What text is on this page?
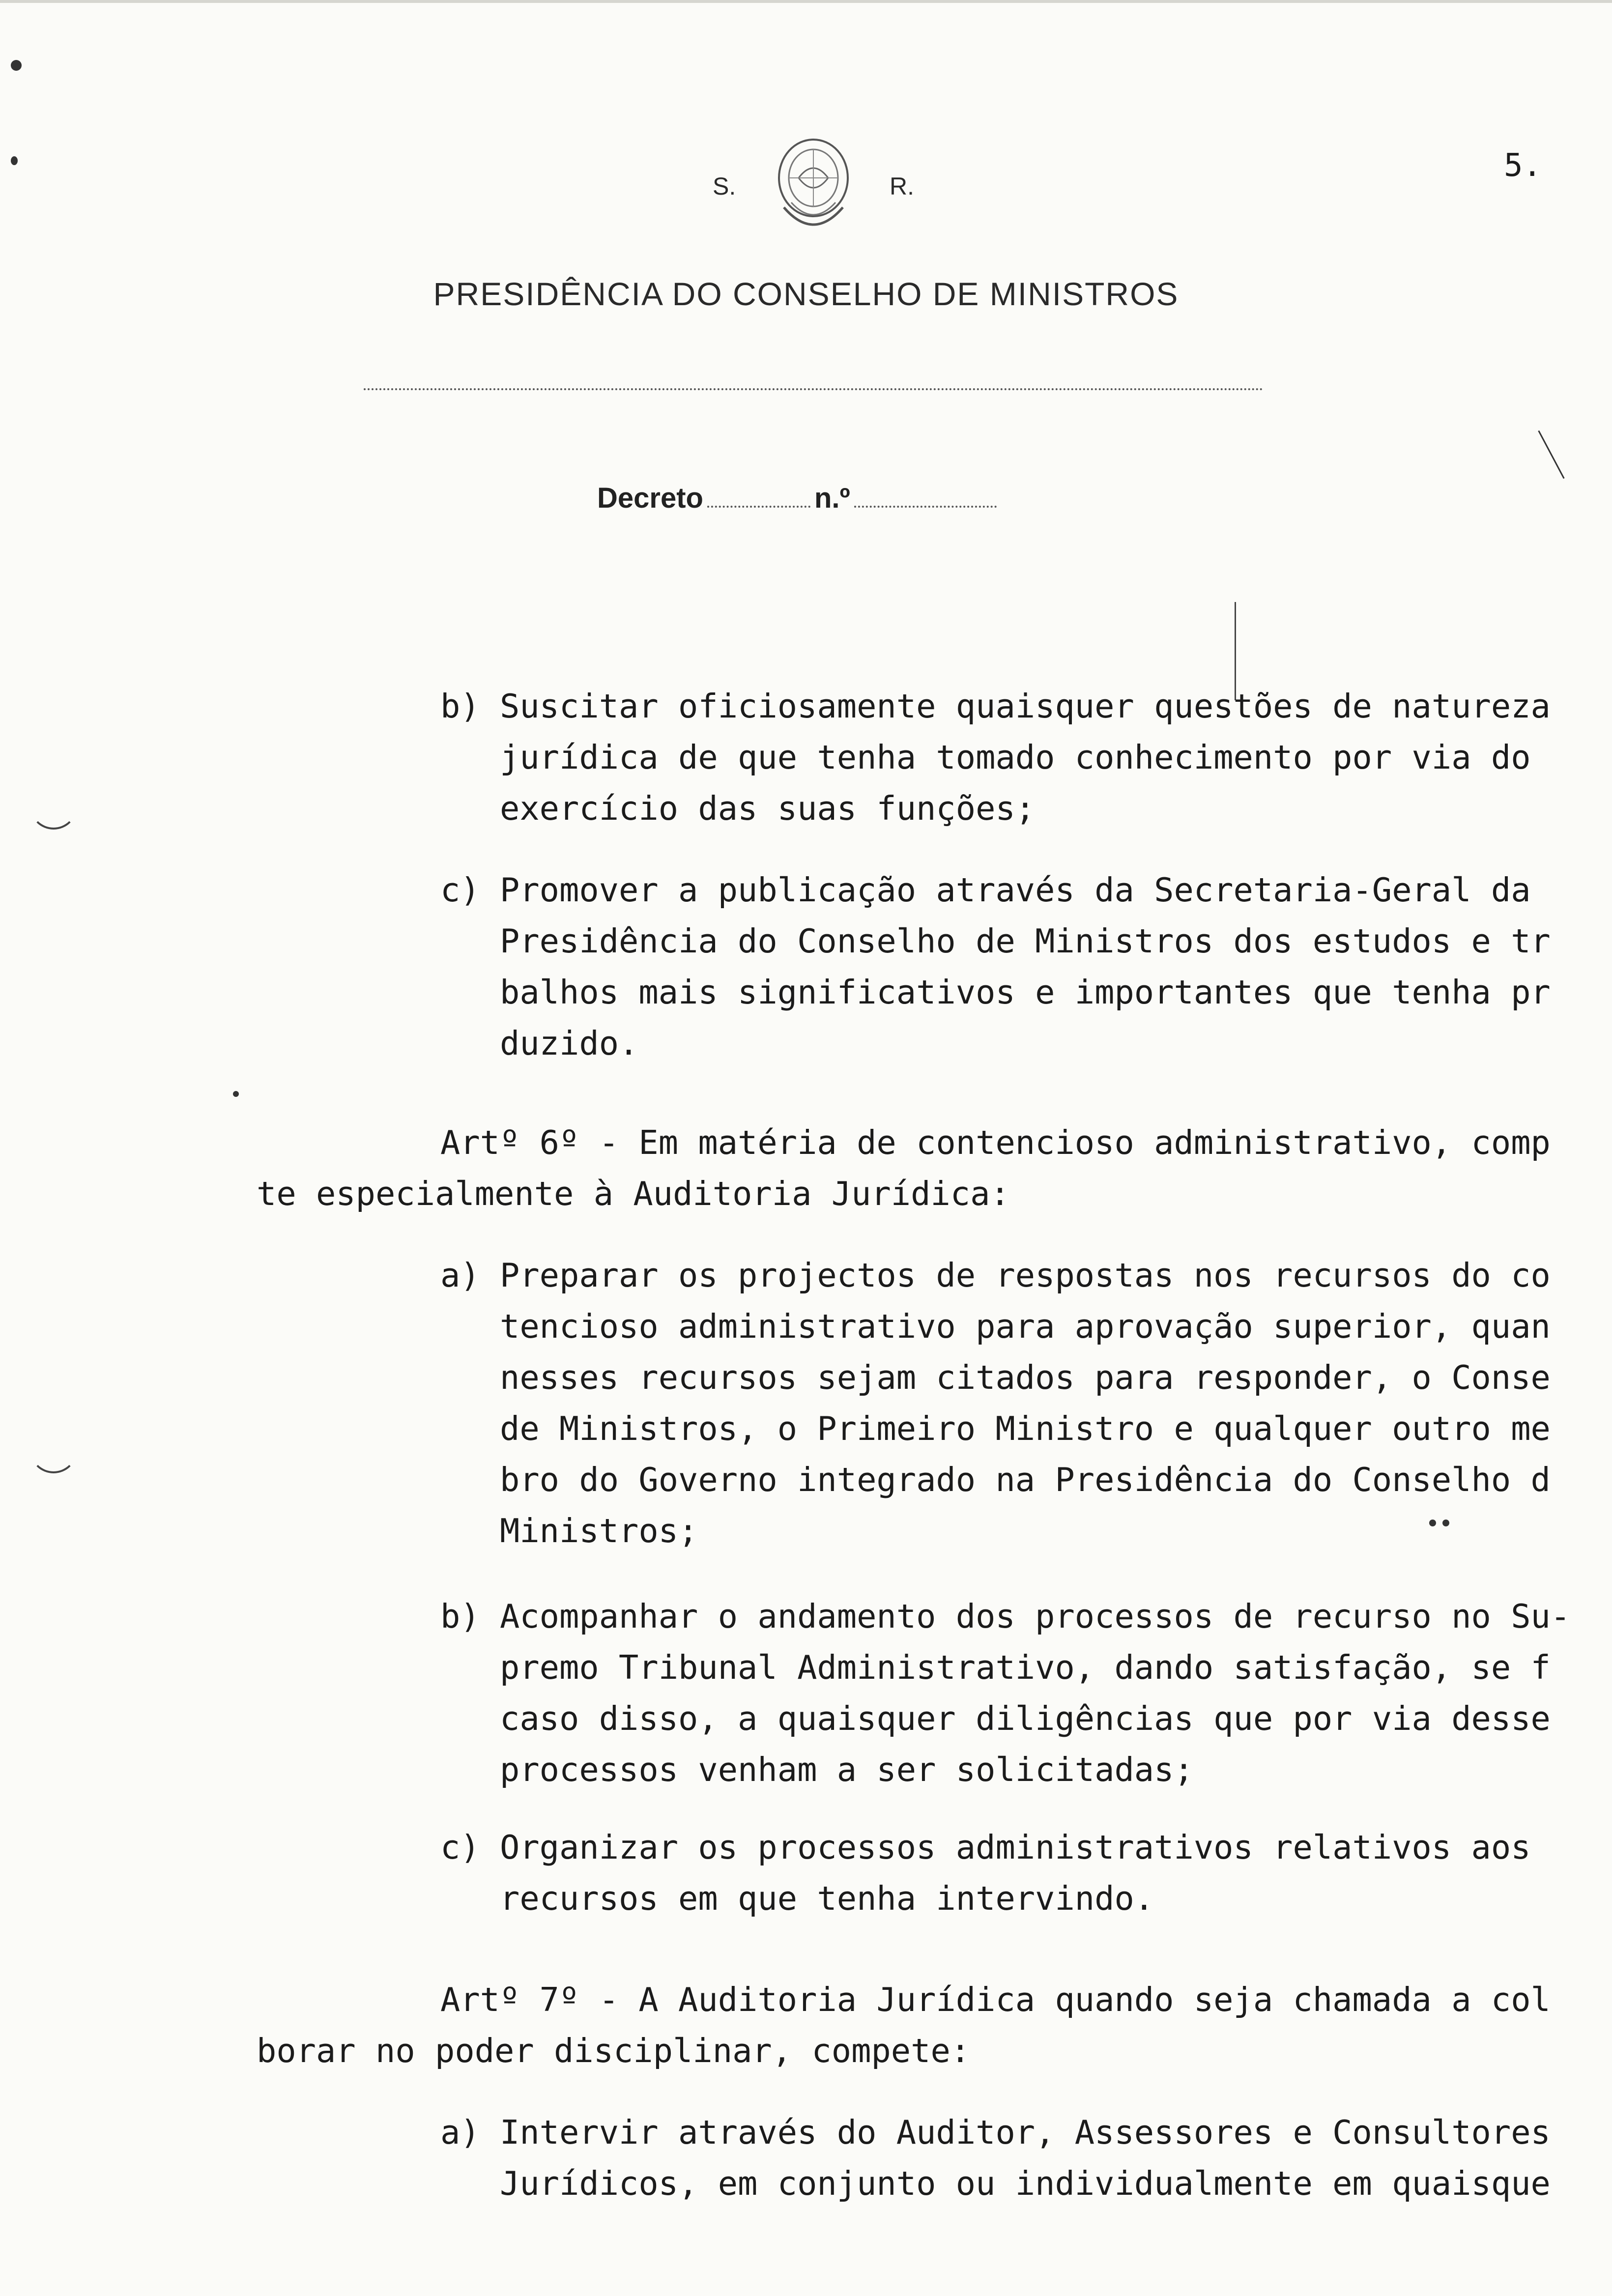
S.	R.
5.
PRESIDÊNCIA DO CONSELHO DE MINISTROS
Decreto	n.º
b) Suscitar oficiosamente quaisquer questões de natureza
jurídica de que tenha tomado conhecimento por via do
exercício das suas funções;
c) Promover a publicação através da Secretaria-Geral da
Presidência do Conselho de Ministros dos estudos e tr
balhos mais significativos e importantes que tenha pr
duzido.
Artº 6º - Em matéria de contencioso administrativo, comp
te especialmente à Auditoria Jurídica:
a) Preparar os projectos de respostas nos recursos do co
tencioso administrativo para aprovação superior, quan
nesses recursos sejam citados para responder, o Conse
de Ministros, o Primeiro Ministro e qualquer outro me
bro do Governo integrado na Presidência do Conselho d
Ministros;
b) Acompanhar o andamento dos processos de recurso no Su-
premo Tribunal Administrativo, dando satisfação, se f
caso disso, a quaisquer diligências que por via desse
processos venham a ser solicitadas;
c) Organizar os processos administrativos relativos aos
recursos em que tenha intervindo.
Artº 7º - A Auditoria Jurídica quando seja chamada a col
borar no poder disciplinar, compete:
a) Intervir através do Auditor, Assessores e Consultores
Jurídicos, em conjunto ou individualmente em quaisque
